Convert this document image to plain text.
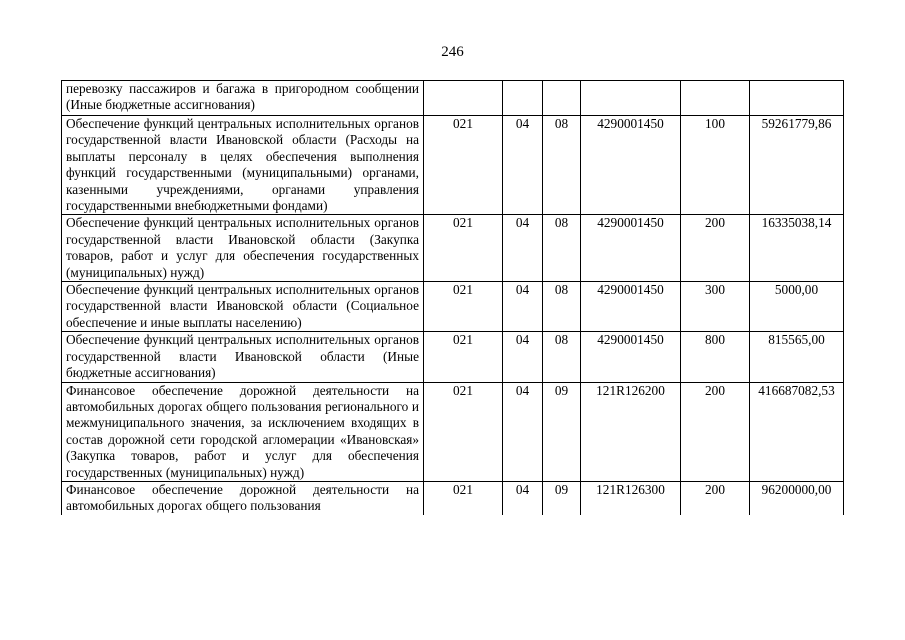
246
перевозку пассажиров и багажа в пригородном сообщении (Иные бюджетные ассигнования)						
Обеспечение функций центральных исполнительных органов государственной власти Ивановской области (Расходы на выплаты персоналу в целях обеспечения выполнения функций государственными (муниципальными) органами, казенными учреждениями, органами управления государственными внебюджетными фондами)	021	04	08	4290001450	100	59261779,86
Обеспечение функций центральных исполнительных органов государственной власти Ивановской области (Закупка товаров, работ и услуг для обеспечения государственных (муниципальных) нужд)	021	04	08	4290001450	200	16335038,14
Обеспечение функций центральных исполнительных органов государственной власти Ивановской области (Социальное обеспечение и иные выплаты населению)	021	04	08	4290001450	300	5000,00
Обеспечение функций центральных исполнительных органов государственной власти Ивановской области (Иные бюджетные ассигнования)	021	04	08	4290001450	800	815565,00
Финансовое обеспечение дорожной деятельности на автомобильных дорогах общего пользования регионального и межмуниципального значения, за исключением входящих в состав дорожной сети городской агломерации «Ивановская» (Закупка товаров, работ и услуг для обеспечения государственных (муниципальных) нужд)	021	04	09	121R126200	200	416687082,53
Финансовое обеспечение дорожной деятельности на автомобильных дорогах общего пользования	021	04	09	121R126300	200	96200000,00
